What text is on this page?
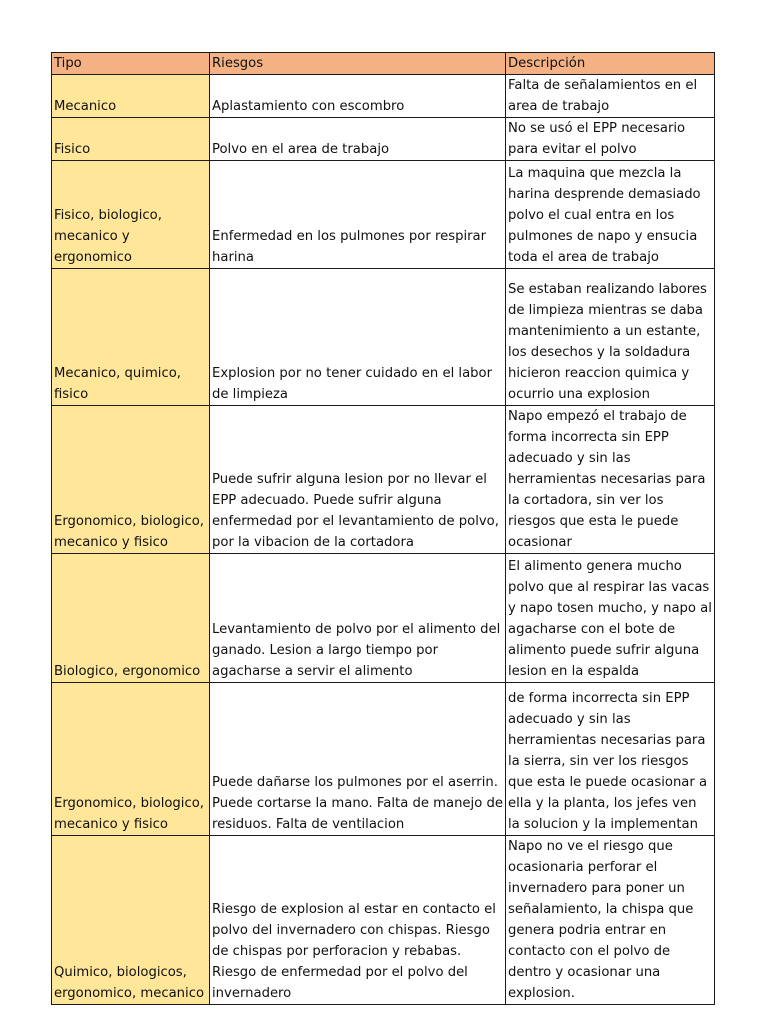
Tipo	Riesgos	Descripción
Mecanico	Aplastamiento con escombro	Falta de señalamientos en el area de trabajo
Fisico	Polvo en el area de trabajo	No se usó el EPP necesario para evitar el polvo
Fisico, biologico, mecanico y ergonomico	Enfermedad en los pulmones por respirar harina	La maquina que mezcla la harina desprende demasiado polvo el cual entra en los pulmones de napo y ensucia toda el area de trabajo
Mecanico, quimico, fisico	Explosion por no tener cuidado en el labor de limpieza	Se estaban realizando labores de limpieza mientras se daba mantenimiento a un estante, los desechos y la soldadura hicieron reaccion quimica y ocurrio una explosion
Ergonomico, biologico, mecanico y fisico	Puede sufrir alguna lesion por no llevar el EPP adecuado. Puede sufrir alguna enfermedad por el levantamiento de polvo, por la vibacion de la cortadora	Napo empezó el trabajo de forma incorrecta sin EPP adecuado y sin las herramientas necesarias para la cortadora, sin ver los riesgos que esta le puede ocasionar
Biologico, ergonomico	Levantamiento de polvo por el alimento del ganado. Lesion a largo tiempo por agacharse a servir el alimento	El alimento genera mucho polvo que al respirar las vacas y napo tosen mucho, y napo al agacharse con el bote de alimento puede sufrir alguna lesion en la espalda
Ergonomico, biologico, mecanico y fisico	Puede dañarse los pulmones por el aserrin. Puede cortarse la mano. Falta de manejo de residuos. Falta de ventilacion	de forma incorrecta sin EPP adecuado y sin las herramientas necesarias para la sierra, sin ver los riesgos que esta le puede ocasionar a ella y la planta, los jefes ven la solucion y la implementan
Quimico, biologicos, ergonomico, mecanico	Riesgo de explosion al estar en contacto el polvo del invernadero con chispas. Riesgo de chispas por perforacion y rebabas. Riesgo de enfermedad por el polvo del invernadero	Napo no ve el riesgo que ocasionaria perforar el invernadero para poner un señalamiento, la chispa que genera podria entrar en contacto con el polvo de dentro y ocasionar una explosion.
